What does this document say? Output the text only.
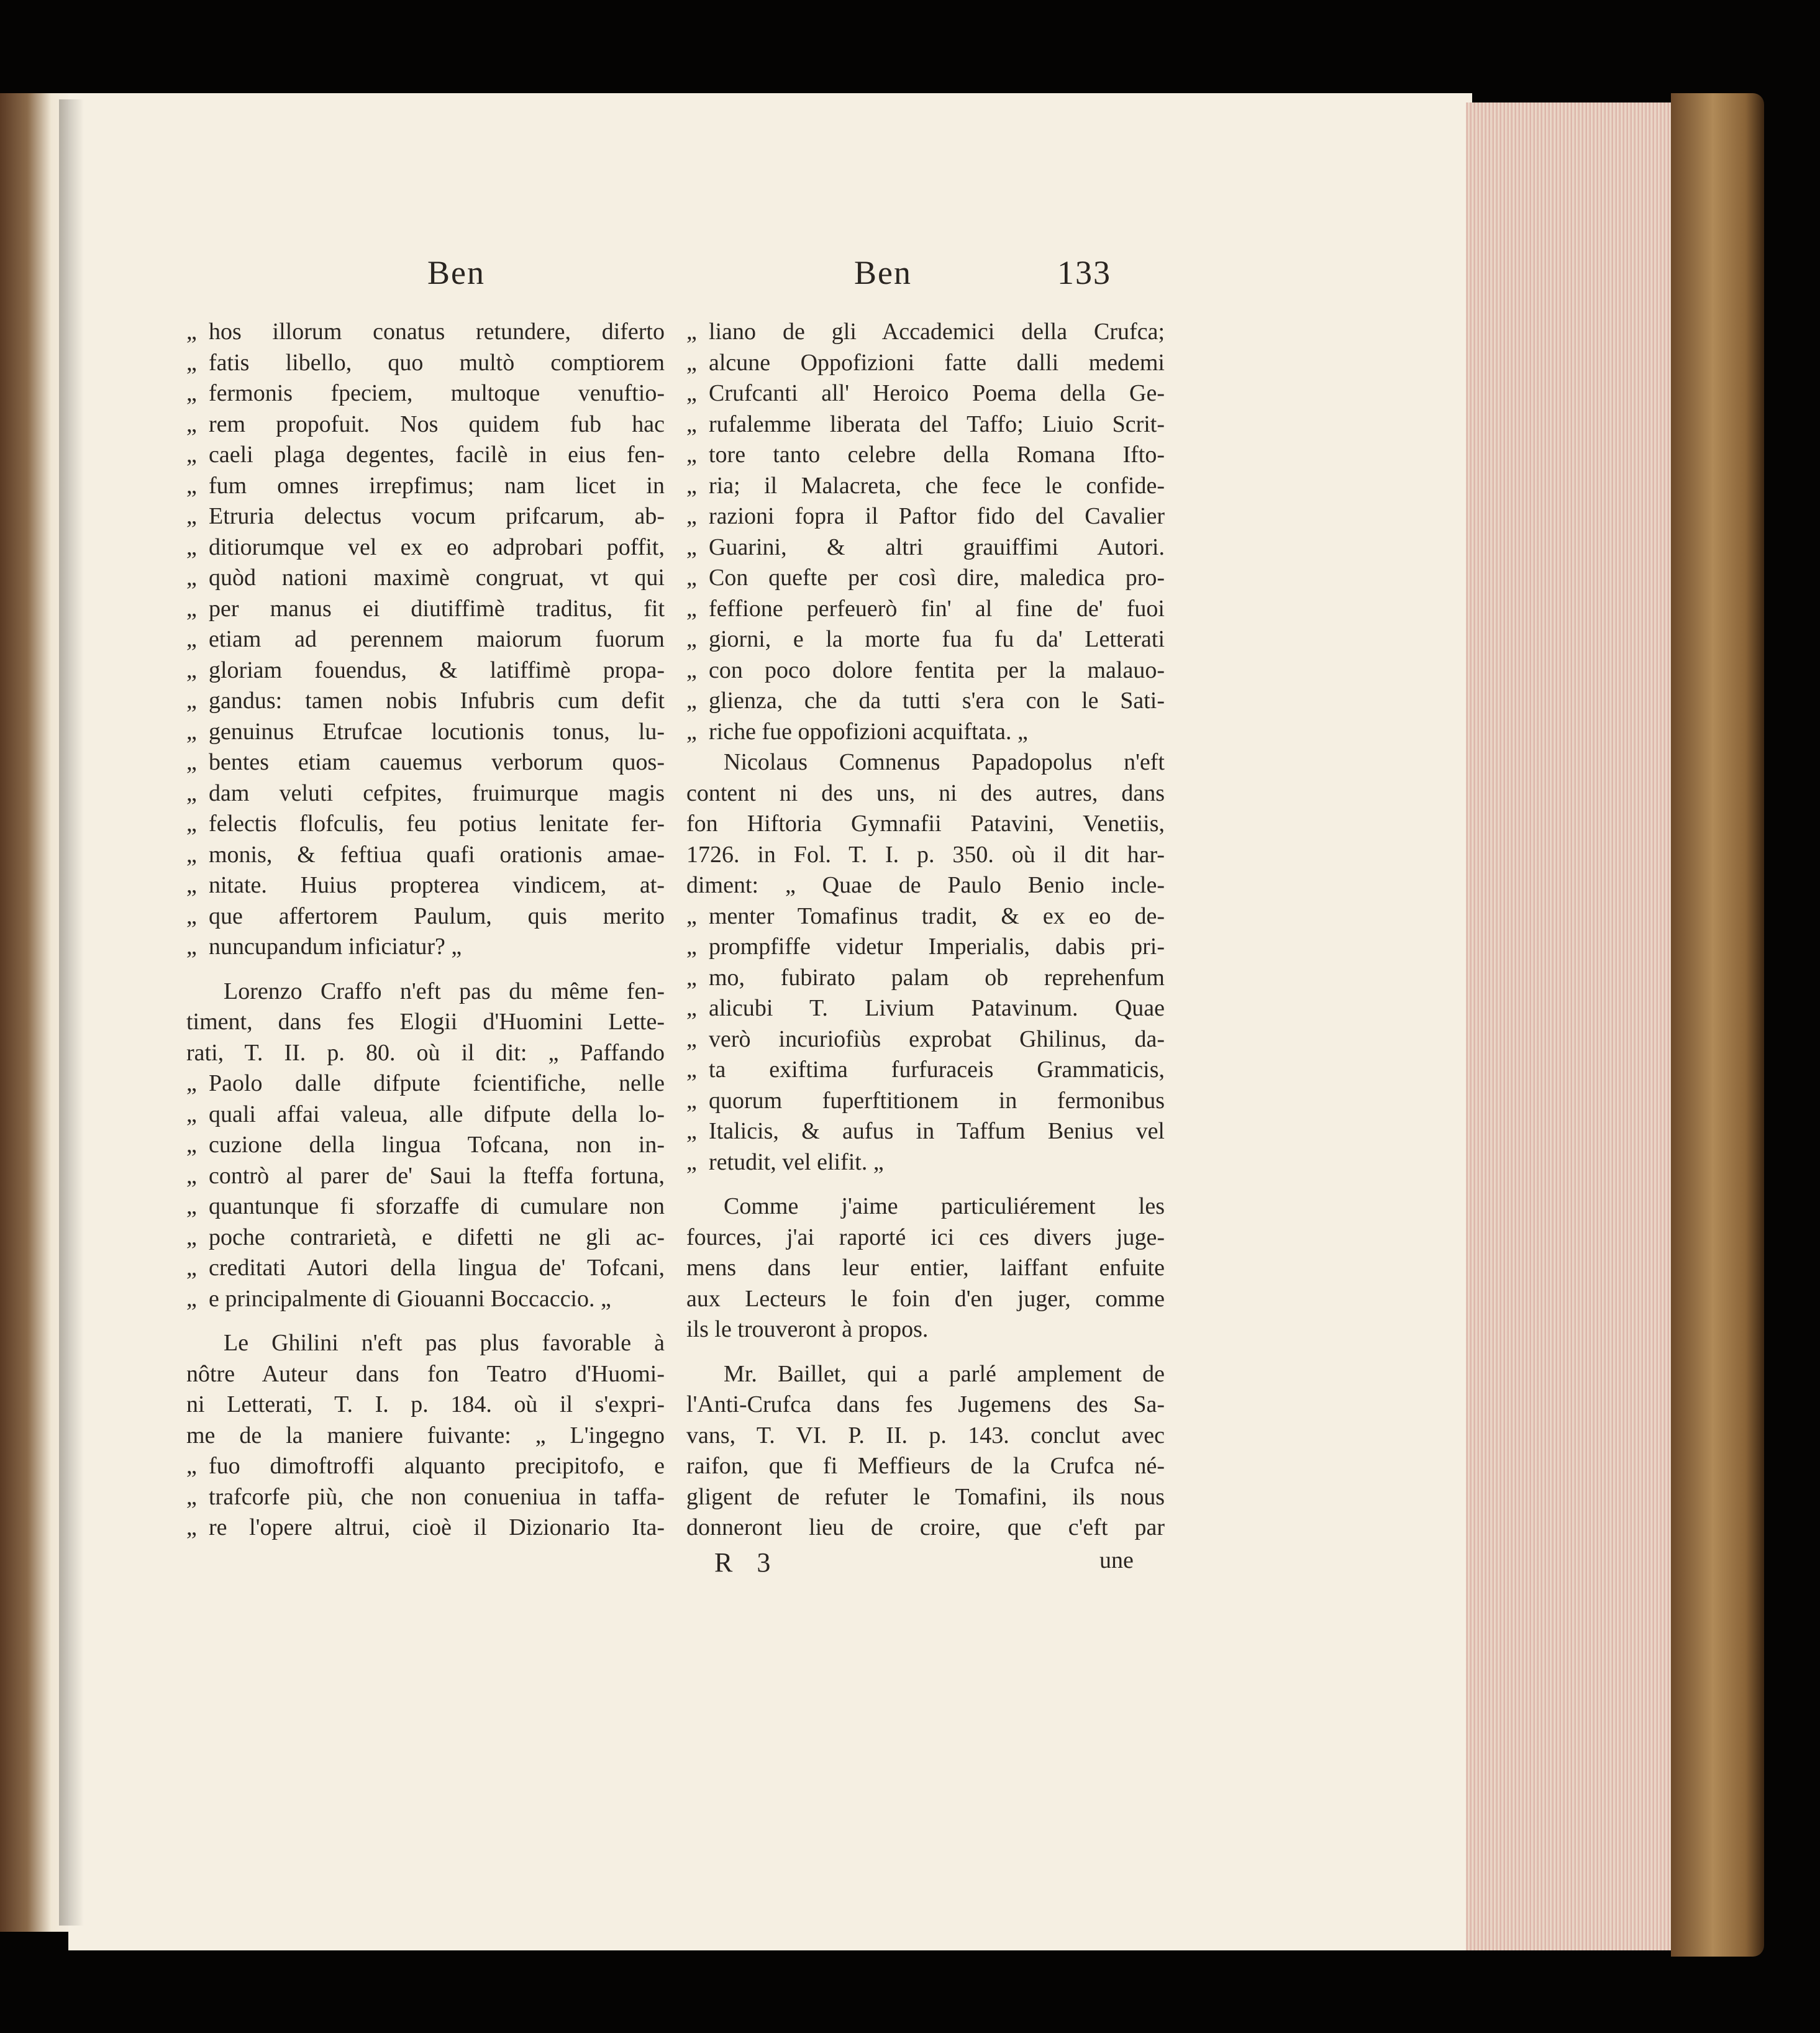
Ben	Ben	133
„ hos illorum conatus retundere, diferto
„ fatis libello, quo multò comptiorem
„ fermonis fpeciem, multoque venuftio-
„ rem propofuit. Nos quidem fub hac
„ caeli plaga degentes, facilè in eius fen-
„ fum omnes irrepfimus; nam licet in
„ Etruria delectus vocum prifcarum, ab-
„ ditiorumque vel ex eo adprobari poffit,
„ quòd nationi maximè congruat, vt qui
„ per manus ei diutiffimè traditus, fit
„ etiam ad perennem maiorum fuorum
„ gloriam fouendus, & latiffimè propa-
„ gandus: tamen nobis Infubris cum defit
„ genuinus Etrufcae locutionis tonus, lu-
„ bentes etiam cauemus verborum quos-
„ dam veluti cefpites, fruimurque magis
„ felectis flofculis, feu potius lenitate fer-
„ monis, & feftiua quafi orationis amae-
„ nitate. Huius propterea vindicem, at-
„ que affertorem Paulum, quis merito
„ nuncupandum inficiatur? „
Lorenzo Craffo n'eft pas du même fen-
timent, dans fes Elogii d'Huomini Lette-
rati, T. II. p. 80. où il dit: „ Paffando
„ Paolo dalle difpute fcientifiche, nelle
„ quali affai valeua, alle difpute della lo-
„ cuzione della lingua Tofcana, non in-
„ contrò al parer de' Saui la fteffa fortuna,
„ quantunque fi sforzaffe di cumulare non
„ poche contrarietà, e difetti ne gli ac-
„ creditati Autori della lingua de' Tofcani,
„ e principalmente di Giouanni Boccaccio. „
Le Ghilini n'eft pas plus favorable à
nôtre Auteur dans fon Teatro d'Huomi-
ni Letterati, T. I. p. 184. où il s'expri-
me de la maniere fuivante: „ L'ingegno
„ fuo dimoftroffi alquanto precipitofo, e
„ trafcorfe più, che non conueniua in taffa-
„ re l'opere altrui, cioè il Dizionario Ita-
„ liano de gli Accademici della Crufca;
„ alcune Oppofizioni fatte dalli medemi
„ Crufcanti all' Heroico Poema della Ge-
„ rufalemme liberata del Taffo; Liuio Scrit-
„ tore tanto celebre della Romana Ifto-
„ ria; il Malacreta, che fece le confide-
„ razioni fopra il Paftor fido del Cavalier
„ Guarini, & altri grauiffimi Autori.
„ Con quefte per così dire, maledica pro-
„ feffione perfeuerò fin' al fine de' fuoi
„ giorni, e la morte fua fu da' Letterati
„ con poco dolore fentita per la malauo-
„ glienza, che da tutti s'era con le Sati-
„ riche fue oppofizioni acquiftata. „
Nicolaus Comnenus Papadopolus n'eft
content ni des uns, ni des autres, dans
fon Hiftoria Gymnafii Patavini, Venetiis,
1726. in Fol. T. I. p. 350. où il dit har-
diment: „ Quae de Paulo Benio incle-
„ menter Tomafinus tradit, & ex eo de-
„ prompfiffe videtur Imperialis, dabis pri-
„ mo, fubirato palam ob reprehenfum
„ alicubi T. Livium Patavinum. Quae
„ verò incuriofiùs exprobat Ghilinus, da-
„ ta exiftima furfuraceis Grammaticis,
„ quorum fuperftitionem in fermonibus
„ Italicis, & aufus in Taffum Benius vel
„ retudit, vel elifit. „
Comme j'aime particuliérement les
fources, j'ai raporté ici ces divers juge-
mens dans leur entier, laiffant enfuite
aux Lecteurs le foin d'en juger, comme
ils le trouveront à propos.
Mr. Baillet, qui a parlé amplement de
l'Anti-Crufca dans fes Jugemens des Sa-
vans, T. VI. P. II. p. 143. conclut avec
raifon, que fi Meffieurs de la Crufca né-
gligent de refuter le Tomafini, ils nous
donneront lieu de croire, que c'eft par
R 3	une
